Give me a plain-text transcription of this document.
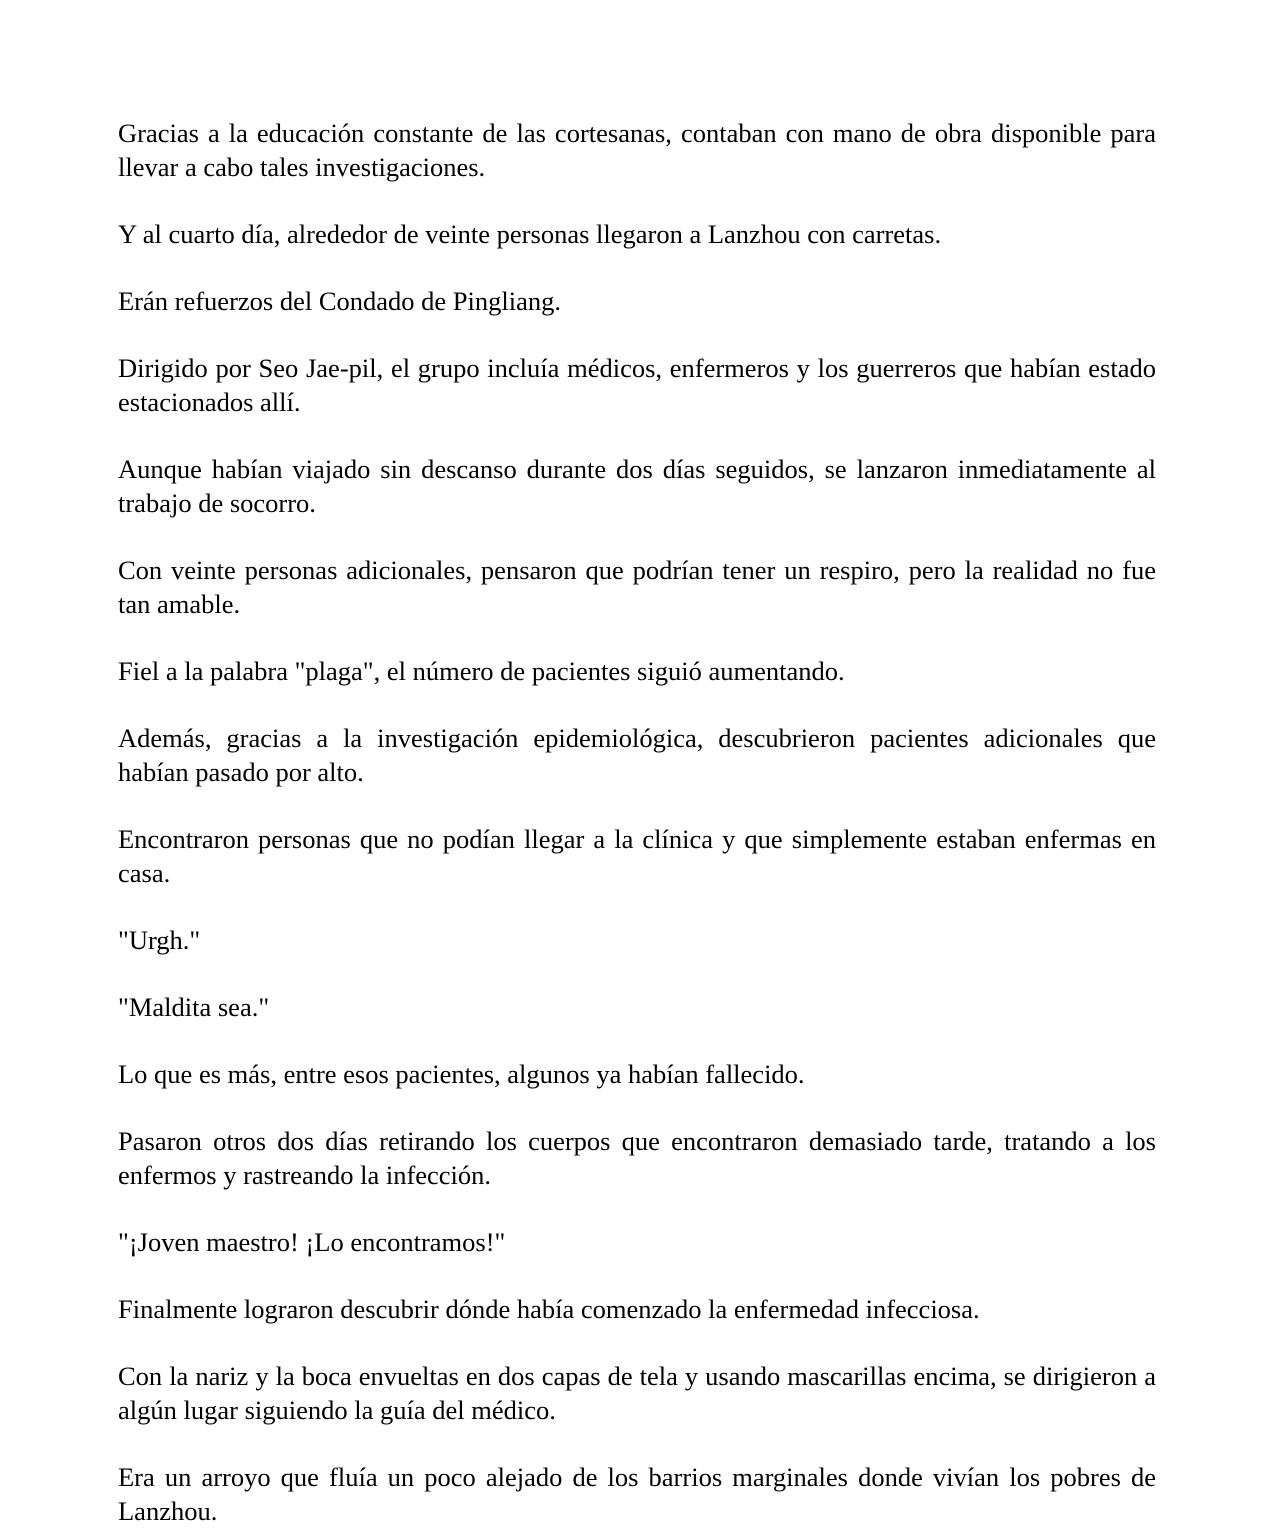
Gracias a la educación constante de las cortesanas, contaban con mano de obra disponible para llevar a cabo tales investigaciones.

Y al cuarto día, alrededor de veinte personas llegaron a Lanzhou con carretas.

Erán refuerzos del Condado de Pingliang.

Dirigido por Seo Jae-pil, el grupo incluía médicos, enfermeros y los guerreros que habían estado estacionados allí.

Aunque habían viajado sin descanso durante dos días seguidos, se lanzaron inmediatamente al trabajo de socorro.

Con veinte personas adicionales, pensaron que podrían tener un respiro, pero la realidad no fue tan amable.

Fiel a la palabra "plaga", el número de pacientes siguió aumentando.

Además, gracias a la investigación epidemiológica, descubrieron pacientes adicionales que habían pasado por alto.

Encontraron personas que no podían llegar a la clínica y que simplemente estaban enfermas en casa.

"Urgh."

"Maldita sea."

Lo que es más, entre esos pacientes, algunos ya habían fallecido.

Pasaron otros dos días retirando los cuerpos que encontraron demasiado tarde, tratando a los enfermos y rastreando la infección.

"¡Joven maestro! ¡Lo encontramos!"

Finalmente lograron descubrir dónde había comenzado la enfermedad infecciosa.

Con la nariz y la boca envueltas en dos capas de tela y usando mascarillas encima, se dirigieron a algún lugar siguiendo la guía del médico.

Era un arroyo que fluía un poco alejado de los barrios marginales donde vivían los pobres de Lanzhou.
